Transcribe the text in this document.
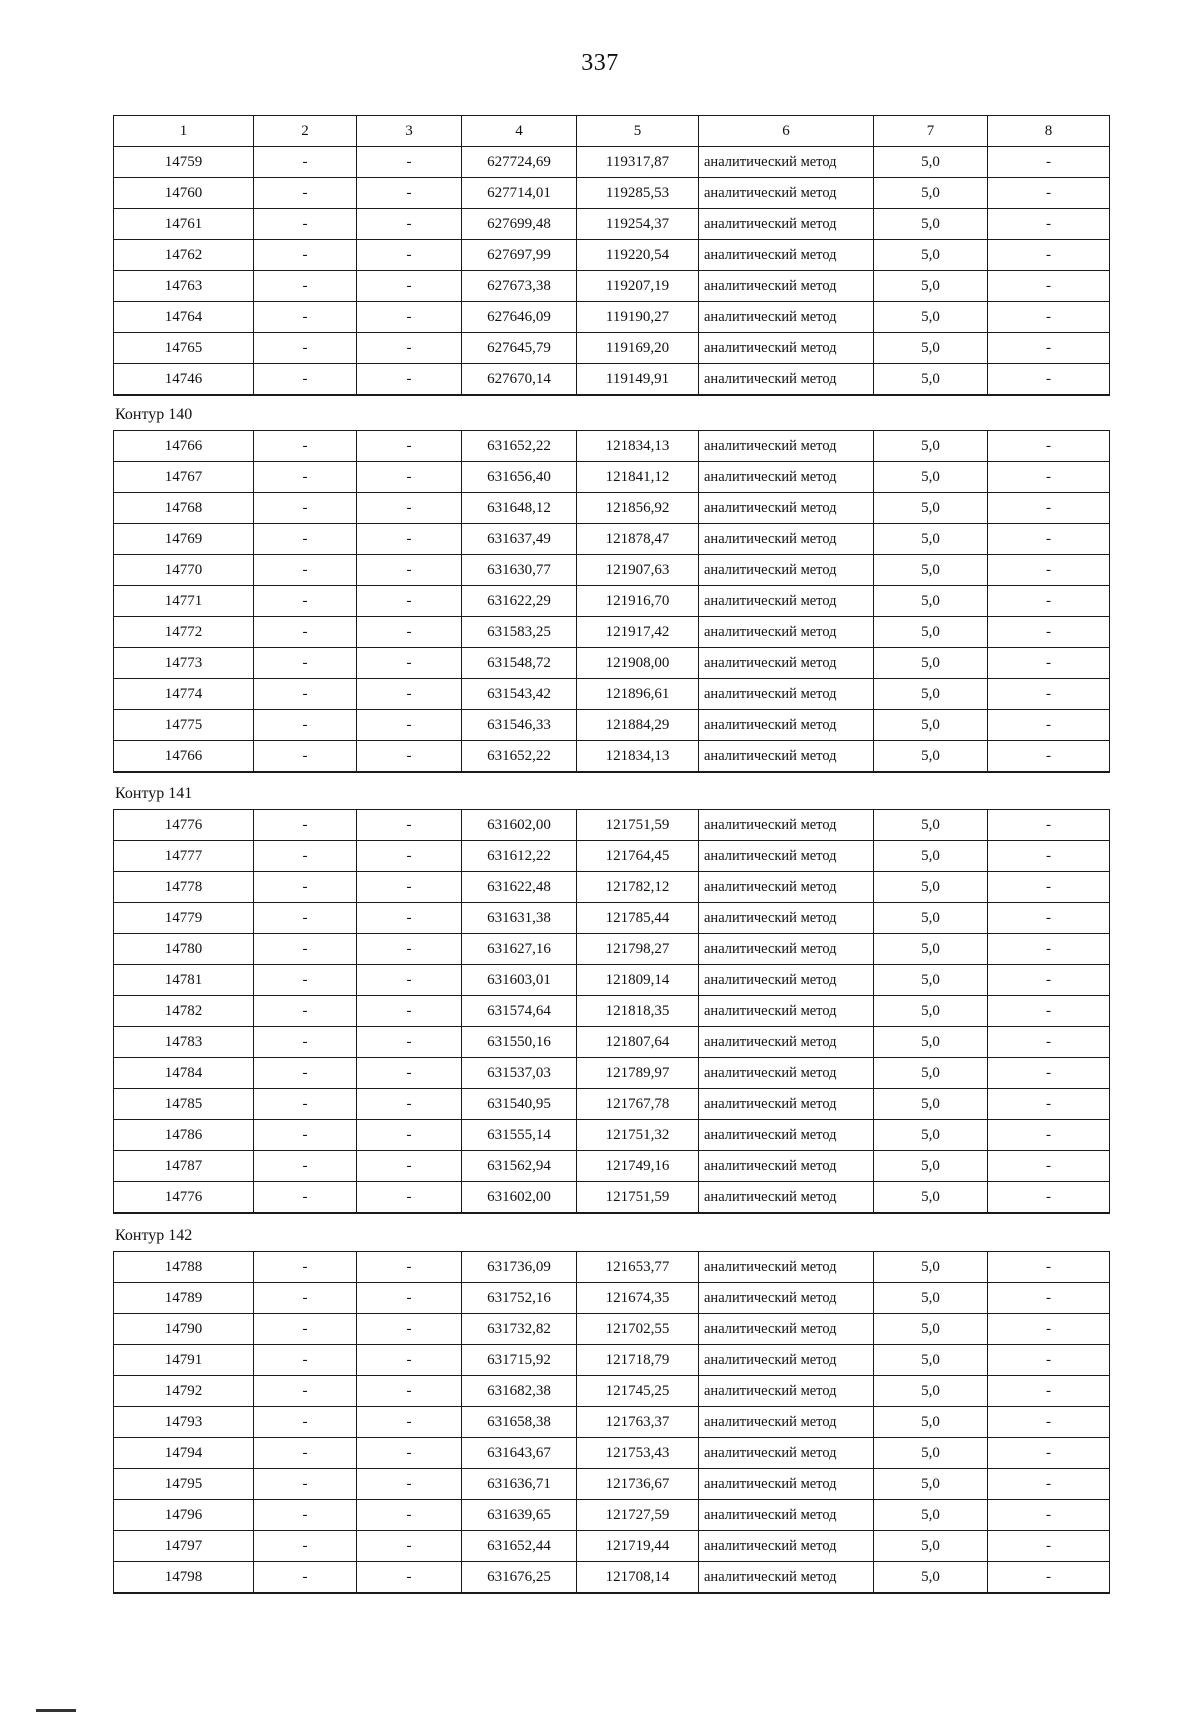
337
1	2	3	4	5	6	7	8
14759	-	-	627724,69	119317,87	аналитический метод	5,0	-
14760	-	-	627714,01	119285,53	аналитический метод	5,0	-
14761	-	-	627699,48	119254,37	аналитический метод	5,0	-
14762	-	-	627697,99	119220,54	аналитический метод	5,0	-
14763	-	-	627673,38	119207,19	аналитический метод	5,0	-
14764	-	-	627646,09	119190,27	аналитический метод	5,0	-
14765	-	-	627645,79	119169,20	аналитический метод	5,0	-
14746	-	-	627670,14	119149,91	аналитический метод	5,0	-
Контур 140
14766	-	-	631652,22	121834,13	аналитический метод	5,0	-
14767	-	-	631656,40	121841,12	аналитический метод	5,0	-
14768	-	-	631648,12	121856,92	аналитический метод	5,0	-
14769	-	-	631637,49	121878,47	аналитический метод	5,0	-
14770	-	-	631630,77	121907,63	аналитический метод	5,0	-
14771	-	-	631622,29	121916,70	аналитический метод	5,0	-
14772	-	-	631583,25	121917,42	аналитический метод	5,0	-
14773	-	-	631548,72	121908,00	аналитический метод	5,0	-
14774	-	-	631543,42	121896,61	аналитический метод	5,0	-
14775	-	-	631546,33	121884,29	аналитический метод	5,0	-
14766	-	-	631652,22	121834,13	аналитический метод	5,0	-
Контур 141
14776	-	-	631602,00	121751,59	аналитический метод	5,0	-
14777	-	-	631612,22	121764,45	аналитический метод	5,0	-
14778	-	-	631622,48	121782,12	аналитический метод	5,0	-
14779	-	-	631631,38	121785,44	аналитический метод	5,0	-
14780	-	-	631627,16	121798,27	аналитический метод	5,0	-
14781	-	-	631603,01	121809,14	аналитический метод	5,0	-
14782	-	-	631574,64	121818,35	аналитический метод	5,0	-
14783	-	-	631550,16	121807,64	аналитический метод	5,0	-
14784	-	-	631537,03	121789,97	аналитический метод	5,0	-
14785	-	-	631540,95	121767,78	аналитический метод	5,0	-
14786	-	-	631555,14	121751,32	аналитический метод	5,0	-
14787	-	-	631562,94	121749,16	аналитический метод	5,0	-
14776	-	-	631602,00	121751,59	аналитический метод	5,0	-
Контур 142
14788	-	-	631736,09	121653,77	аналитический метод	5,0	-
14789	-	-	631752,16	121674,35	аналитический метод	5,0	-
14790	-	-	631732,82	121702,55	аналитический метод	5,0	-
14791	-	-	631715,92	121718,79	аналитический метод	5,0	-
14792	-	-	631682,38	121745,25	аналитический метод	5,0	-
14793	-	-	631658,38	121763,37	аналитический метод	5,0	-
14794	-	-	631643,67	121753,43	аналитический метод	5,0	-
14795	-	-	631636,71	121736,67	аналитический метод	5,0	-
14796	-	-	631639,65	121727,59	аналитический метод	5,0	-
14797	-	-	631652,44	121719,44	аналитический метод	5,0	-
14798	-	-	631676,25	121708,14	аналитический метод	5,0	-
